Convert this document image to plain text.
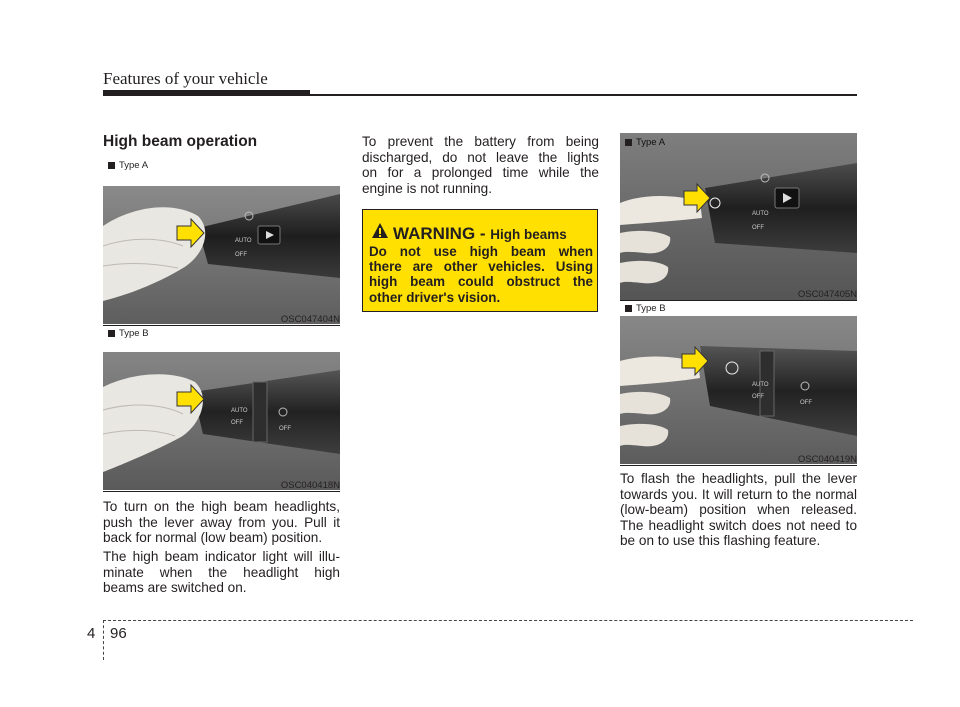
Features of your vehicle
High beam operation
Type A
AUTO
OFF
OSC047404N
Type B
AUTO
OFF
OFF
OSC040418N
To turn on the high beam headlights,
push the lever away from you. Pull it
back for normal (low beam) position.
The high beam indicator light will illu-
minate when the headlight high
beams are switched on.
To prevent the battery from being
discharged, do not leave the lights
on for a prolonged time while the
engine is not running.
WARNING - High beams
Do not use high beam when
there are other vehicles. Using
high beam could obstruct the
other driver's vision.
AUTO
OFF
Type A
OSC047405N
Type B
AUTO
OFF
OFF
OSC040419N
To flash the headlights, pull the lever
towards you. It will return to the normal
(low-beam) position when released.
The headlight switch does not need to
be on to use this flashing feature.
4 96
